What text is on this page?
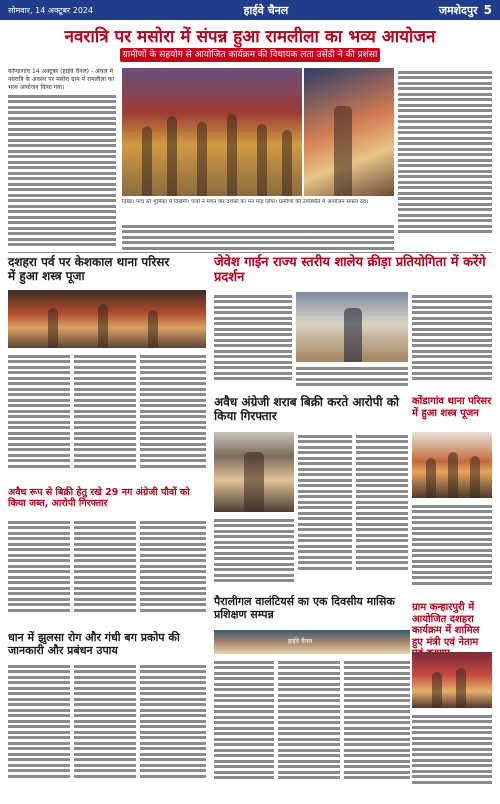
सोमवार, 14 अक्टूबर 2024	हाईवे चैनल	जमशेदपुर 5
नवरात्रि पर मसोरा में संपन्न हुआ रामलीला का भव्य आयोजन
ग्रामीणों के सहयोग से आयोजित कार्यक्रम की विधायक लता उसेंडी ने की प्रशंसा
कोण्डागांव 14 अक्टूबर (हाईवे चैनल) - अंचल में नवरात्रि के अवसर पर मसोरा ग्राम में रामलीला का भव्य आयोजन किया गया।
दिखा। पांच सौ भूमिका में दिखेंगी। पात्रों ने मंचन कर दर्शकों का मन मोह लिया। ग्रामीणों की उपस्थिति में आयोजन सफल रहा।
दशहरा पर्व पर केशकाल थाना परिसर में हुआ शस्त्र पूजा
जेवेश गाईन राज्य स्तरीय शालेय क्रीड़ा प्रतियोगिता में करेंगे प्रदर्शन
अवैध अंग्रेजी शराब बिक्री करते आरोपी को किया गिरफ्तार
अवैध रूप से बिक्री हेतु रखे 29 नग अंग्रेजी पौवों को किया जब्त, आरोपी गिरफ्तार
कोंडागांव थाना परिसर में हुआ शस्त्र पूजन
पैरालीगल वालंटियर्स का एक दिवसीय मासिक प्रशिक्षण सम्पन्न
हाईवे चैनल
धान में झुलसा रोग और गंधी बग प्रकोप की जानकारी और प्रबंधन उपाय
ग्राम कन्हारपुरी में आयोजित दशहरा कार्यक्रम में शामिल हुए मंत्री एवं नेताम
